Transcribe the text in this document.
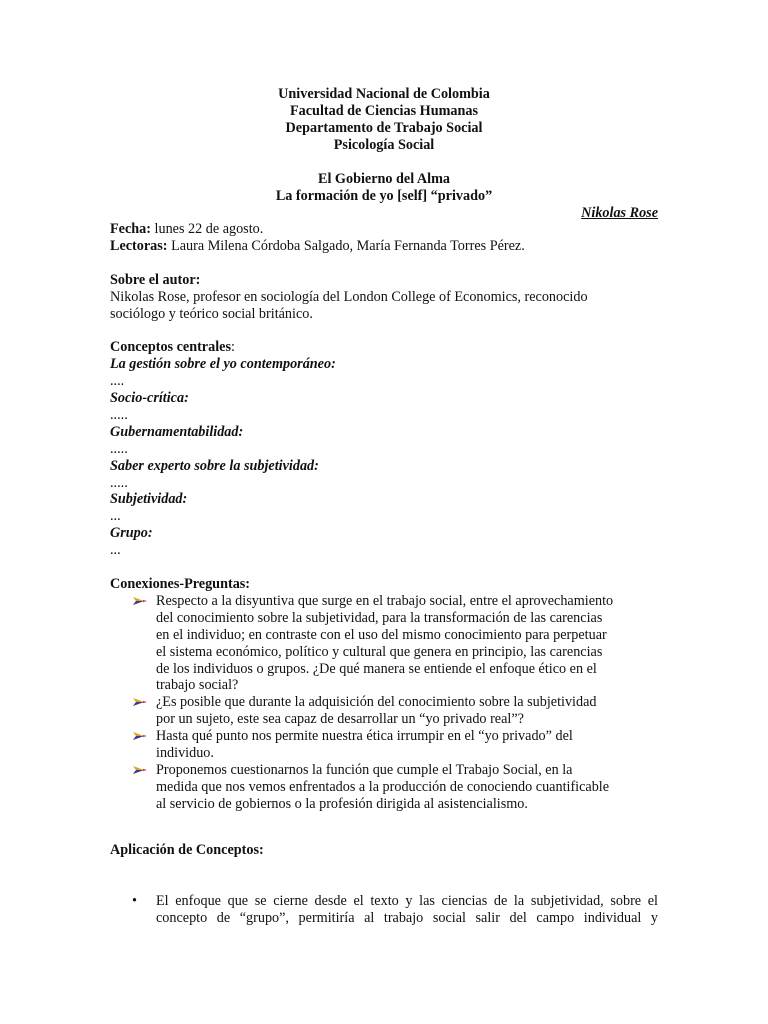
Universidad Nacional de Colombia
Facultad de Ciencias Humanas
Departamento de Trabajo Social
Psicología Social
El Gobierno del Alma
La formación de yo [self] “privado”
Nikolas Rose
Fecha: lunes 22 de agosto.
Lectoras: Laura Milena Córdoba Salgado, María Fernanda Torres Pérez.
Sobre el autor:
Nikolas Rose, profesor en sociología del London College of Economics, reconocido
sociólogo y teórico social británico.
Conceptos centrales:
La gestión sobre el yo contemporáneo:
....
Socio-crítica:
.....
Gubernamentabilidad:
.....
Saber experto sobre la subjetividad:
.....
Subjetividad:
...
Grupo:
...
Conexiones-Preguntas:
Respecto a la disyuntiva que surge en el trabajo social, entre el aprovechamiento
del conocimiento sobre la subjetividad, para la transformación de las carencias
en el individuo; en contraste con el uso del mismo conocimiento para perpetuar
el sistema económico, político y cultural que genera en principio, las carencias
de los individuos o grupos. ¿De qué manera se entiende el enfoque ético en el
trabajo social?
¿Es posible que durante la adquisición del conocimiento sobre la subjetividad
por un sujeto, este sea capaz de desarrollar un “yo privado real”?
Hasta qué punto nos permite nuestra ética irrumpir en el “yo privado” del
individuo.
Proponemos cuestionarnos la función que cumple el Trabajo Social, en la
medida que nos vemos enfrentados a la producción de conociendo cuantificable
al servicio de gobiernos o la profesión dirigida al asistencialismo.
Aplicación de Conceptos:
• El enfoque que se cierne desde el texto y las ciencias de la subjetividad, sobre el
concepto de “grupo”, permitiría al trabajo social salir del campo individual y
